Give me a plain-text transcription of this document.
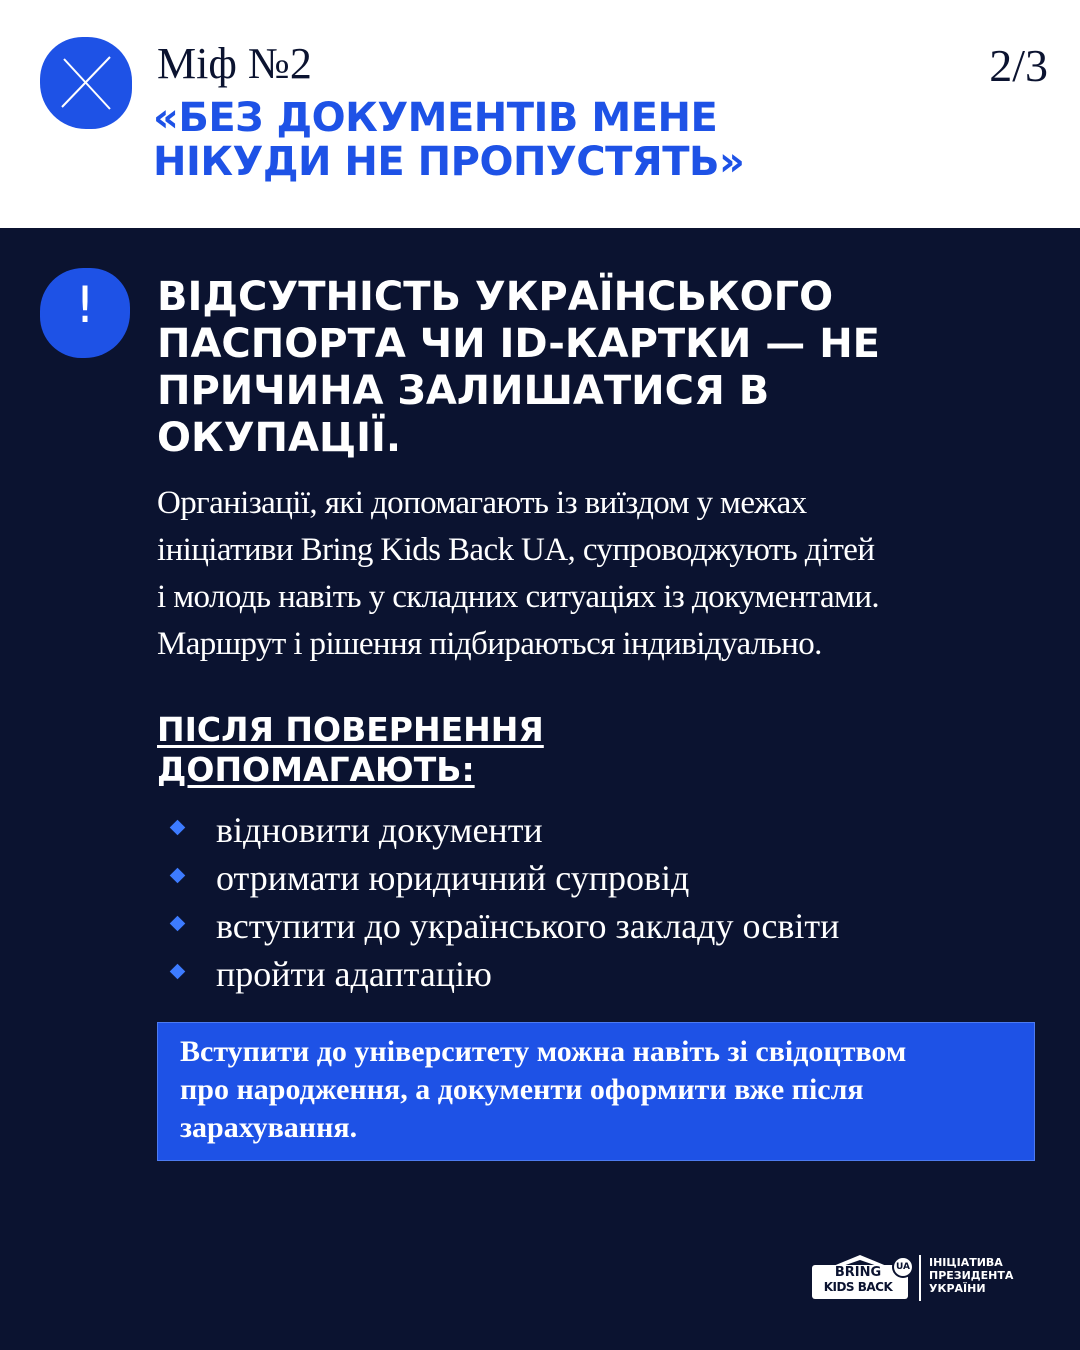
Міф №2	2/3
«БЕЗ ДОКУМЕНТІВ МЕНЕ
НІКУДИ НЕ ПРОПУСТЯТЬ»
!	ВІДСУТНІСТЬ УКРАЇНСЬКОГО
ПАСПОРТА ЧИ ID-КАРТКИ — НЕ
ПРИЧИНА ЗАЛИШАТИСЯ В
ОКУПАЦІЇ.
Організації, які допомагають із виїздом у межах
ініціативи Bring Kids Back UA, супроводжують дітей
і молодь навіть у складних ситуаціях із документами.
Маршрут і рішення підбираються індивідуально.
ПІСЛЯ ПОВЕРНЕННЯ
ДОПОМАГАЮТЬ:
відновити документи
отримати юридичний супровід
вступити до українського закладу освіти
пройти адаптацію

Вступити до університету можна навіть зі свідоцтвом

про народження, а документи оформити вже після

зарахування.

BRING
KIDS BACK
UA	ІНІЦІАТИВА
ПРЕЗИДЕНТА
УКРАЇНИ
